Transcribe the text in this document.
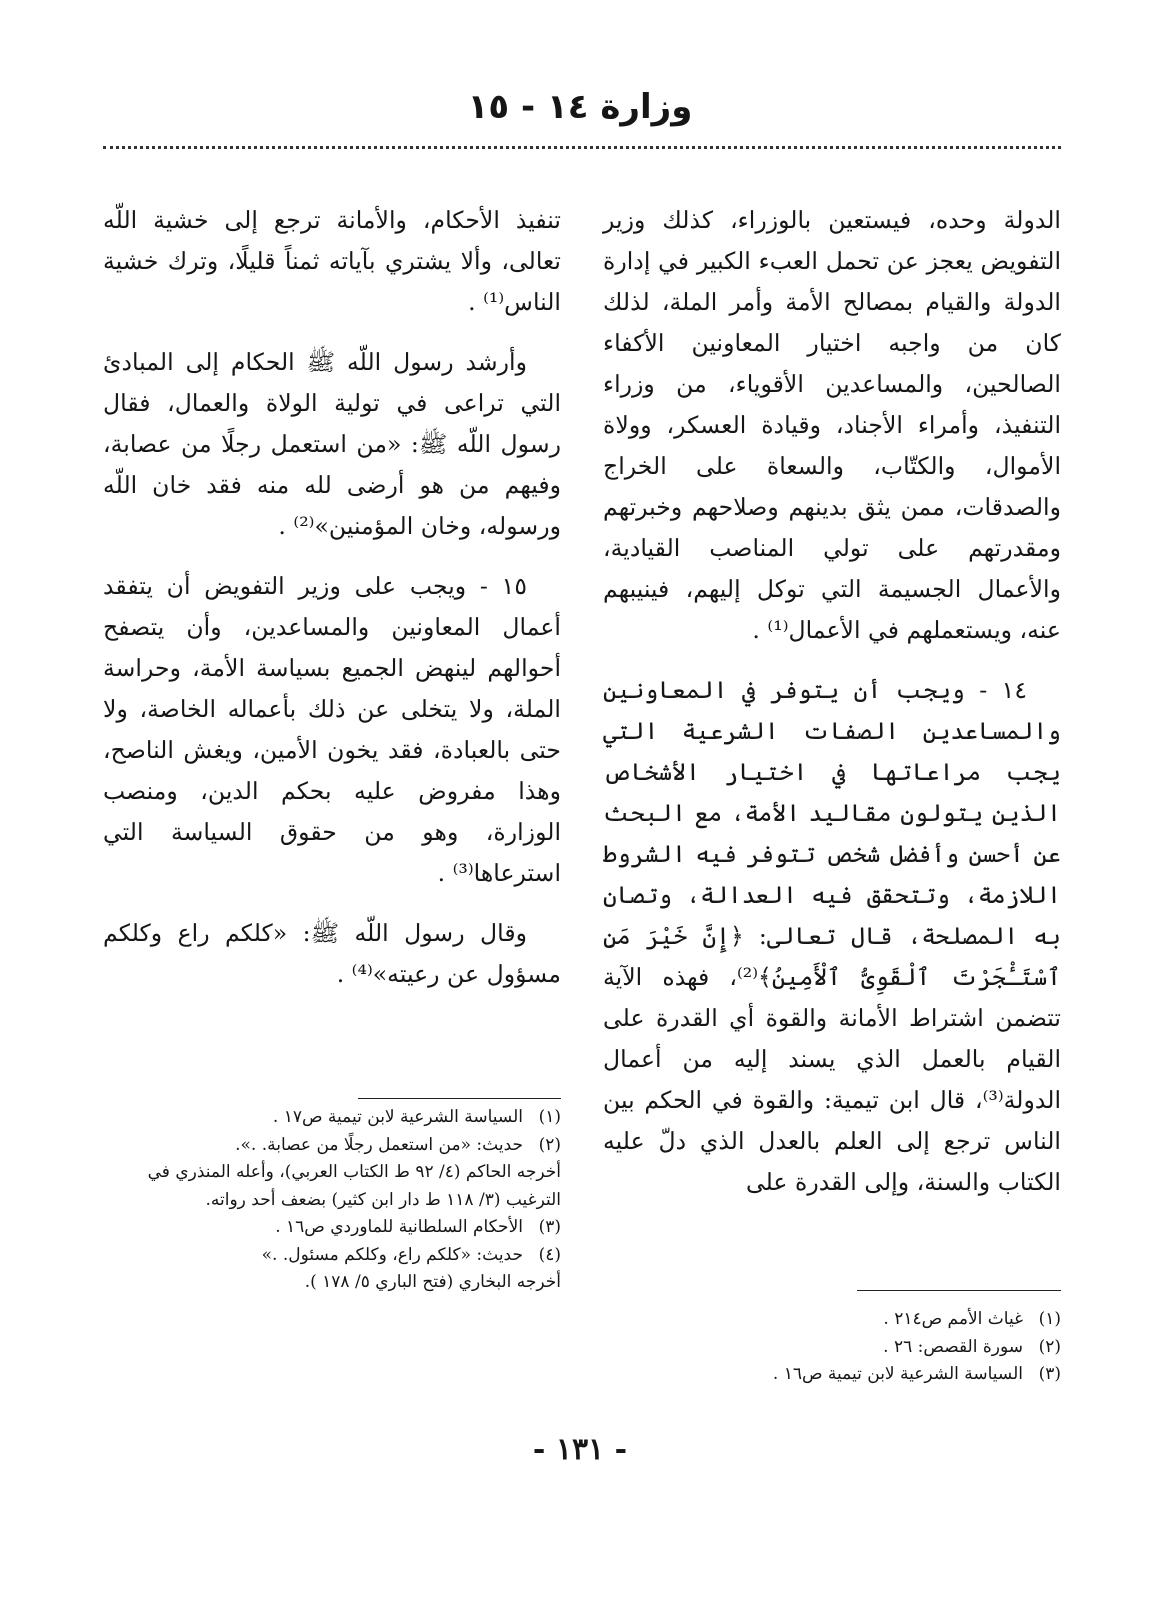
وزارة ١٤ - ١٥

الدولة وحده، فيستعين بالوزراء، كذلك وزير التفويض يعجز عن تحمل العبء الكبير في إدارة الدولة والقيام بمصالح الأمة وأمر الملة، لذلك كان من واجبه اختيار المعاونين الأكفاء الصالحين، والمساعدين الأقوياء، من وزراء التنفيذ، وأمراء الأجناد، وقيادة العسكر، وولاة الأموال، والكتّاب، والسعاة على الخراج والصدقات، ممن يثق بدينهم وصلاحهم وخبرتهم ومقدرتهم على تولي المناصب القيادية، والأعمال الجسيمة التي توكل إليهم، فينيبهم عنه، ويستعملهم في الأعمال⁽¹⁾ .

١٤ - ويجب أن يتوفر في المعاونين والمساعدين الصفات الشرعية التي يجب مراعاتها في اختيار الأشخاص الذين يتولون مقاليد الأمة، مع البحث عن أحسن وأفضل شخص تتوفر فيه الشروط اللازمة، وتتحقق فيه العدالة، وتصان به المصلحة، قال تعالى: ﴿إِنَّ خَيْرَ مَنِ ٱسْتَـْٔجَرْتَ ٱلْقَوِىُّ ٱلْأَمِينُ﴾⁽²⁾، فهذه الآية تتضمن اشتراط الأمانة والقوة أي القدرة على القيام بالعمل الذي يسند إليه من أعمال الدولة⁽³⁾، قال ابن تيمية: والقوة في الحكم بين الناس ترجع إلى العلم بالعدل الذي دلّ عليه الكتاب والسنة، وإلى القدرة على

(١)غياث الأمم ص٢١٤ .

(٢)سورة القصص: ٢٦ .

(٣)السياسة الشرعية لابن تيمية ص١٦ .

تنفيذ الأحكام، والأمانة ترجع إلى خشية اللّه تعالى، وألا يشتري بآياته ثمناً قليلًا، وترك خشية الناس⁽¹⁾ .

وأرشد رسول اللّه ﷺ الحكام إلى المبادئ التي تراعى في تولية الولاة والعمال، فقال رسول اللّه ﷺ: «من استعمل رجلًا من عصابة، وفيهم من هو أرضى لله منه فقد خان اللّه ورسوله، وخان المؤمنين»⁽²⁾ .

١٥ - ويجب على وزير التفويض أن يتفقد أعمال المعاونين والمساعدين، وأن يتصفح أحوالهم لينهض الجميع بسياسة الأمة، وحراسة الملة، ولا يتخلى عن ذلك بأعماله الخاصة، ولا حتى بالعبادة، فقد يخون الأمين، ويغش الناصح، وهذا مفروض عليه بحكم الدين، ومنصب الوزارة، وهو من حقوق السياسة التي استرعاها⁽³⁾ .

وقال رسول اللّه ﷺ: «كلكم راع وكلكم مسؤول عن رعيته»⁽⁴⁾ .

(١)السياسة الشرعية لابن تيمية ص١٧ .

(٢)حديث: «من استعمل رجلًا من عصابة. .».

أخرجه الحاكم (٤/ ٩٢ ط الكتاب العربي)، وأعله المنذري في الترغيب (٣/ ١١٨ ط دار ابن كثير) بضعف أحد رواته.

(٣)الأحكام السلطانية للماوردي ص١٦ .

(٤)حديث: «كلكم راع، وكلكم مسئول. .»

أخرجه البخاري (فتح الباري ٥/ ١٧٨ ).

- ١٣١ -
